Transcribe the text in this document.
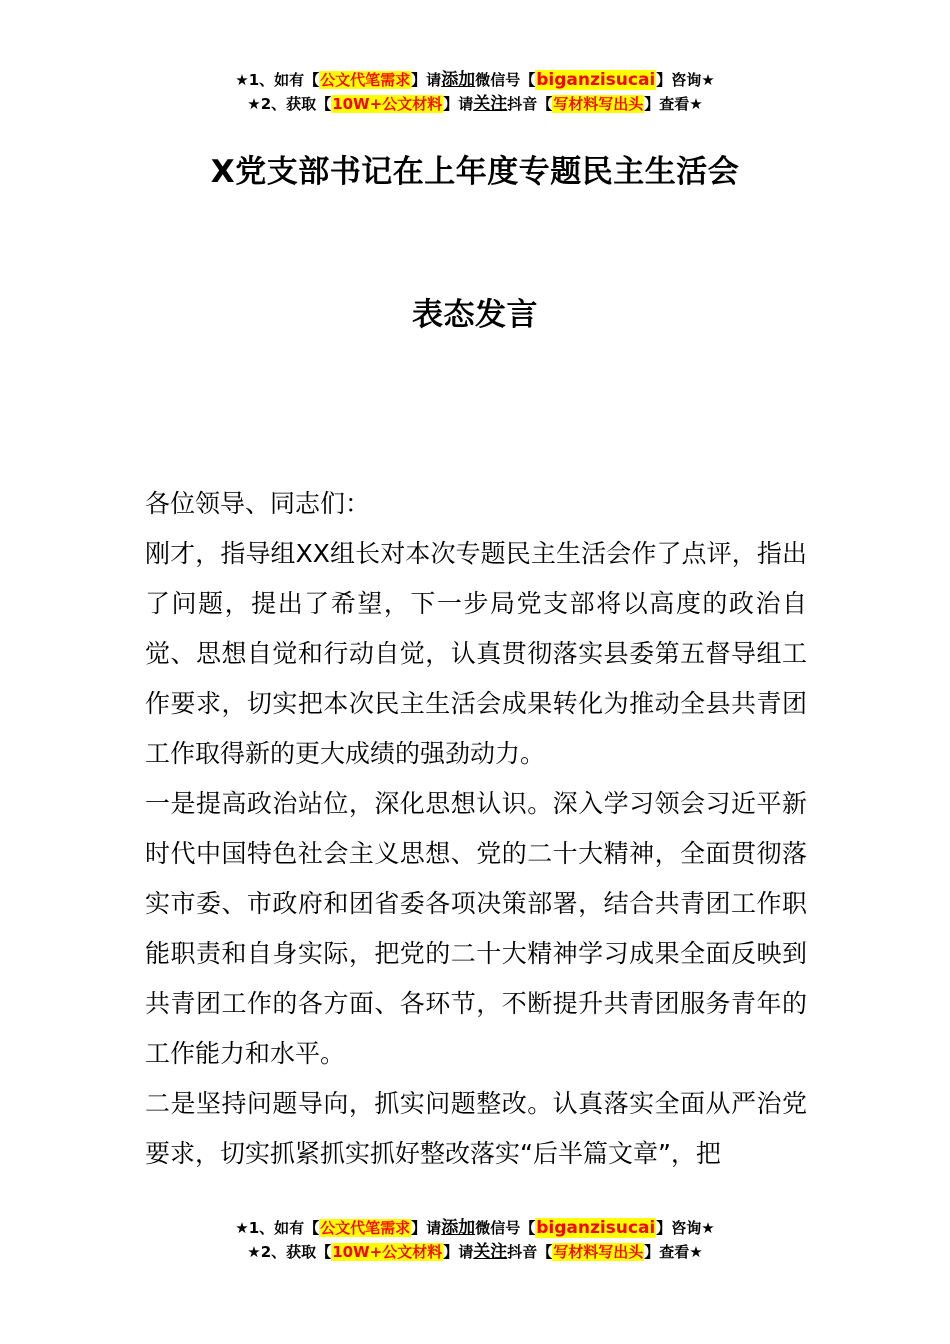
★1、如有【公文代笔需求】请添加微信号【biganzisucai】咨询★
★2、获取【10W+公文材料】请关注抖音【写材料写出头】查看★
X党支部书记在上年度专题民主生活会
表态发言

各位领导、同志们：

刚才，指导组XX组长对本次专题民主生活会作了点评，指出了问题，提出了希望，下一步局党支部将以高度的政治自觉、思想自觉和行动自觉，认真贯彻落实县委第五督导组工作要求，切实把本次民主生活会成果转化为推动全县共青团工作取得新的更大成绩的强劲动力。

一是提高政治站位，深化思想认识。深入学习领会习近平新时代中国特色社会主义思想、党的二十大精神，全面贯彻落实市委、市政府和团省委各项决策部署，结合共青团工作职能职责和自身实际，把党的二十大精神学习成果全面反映到共青团工作的各方面、各环节，不断提升共青团服务青年的工作能力和水平。

二是坚持问题导向，抓实问题整改。认真落实全面从严治党要求，切实抓紧抓实抓好整改落实“后半篇文章”，把

★1、如有【公文代笔需求】请添加微信号【biganzisucai】咨询★
★2、获取【10W+公文材料】请关注抖音【写材料写出头】查看★
